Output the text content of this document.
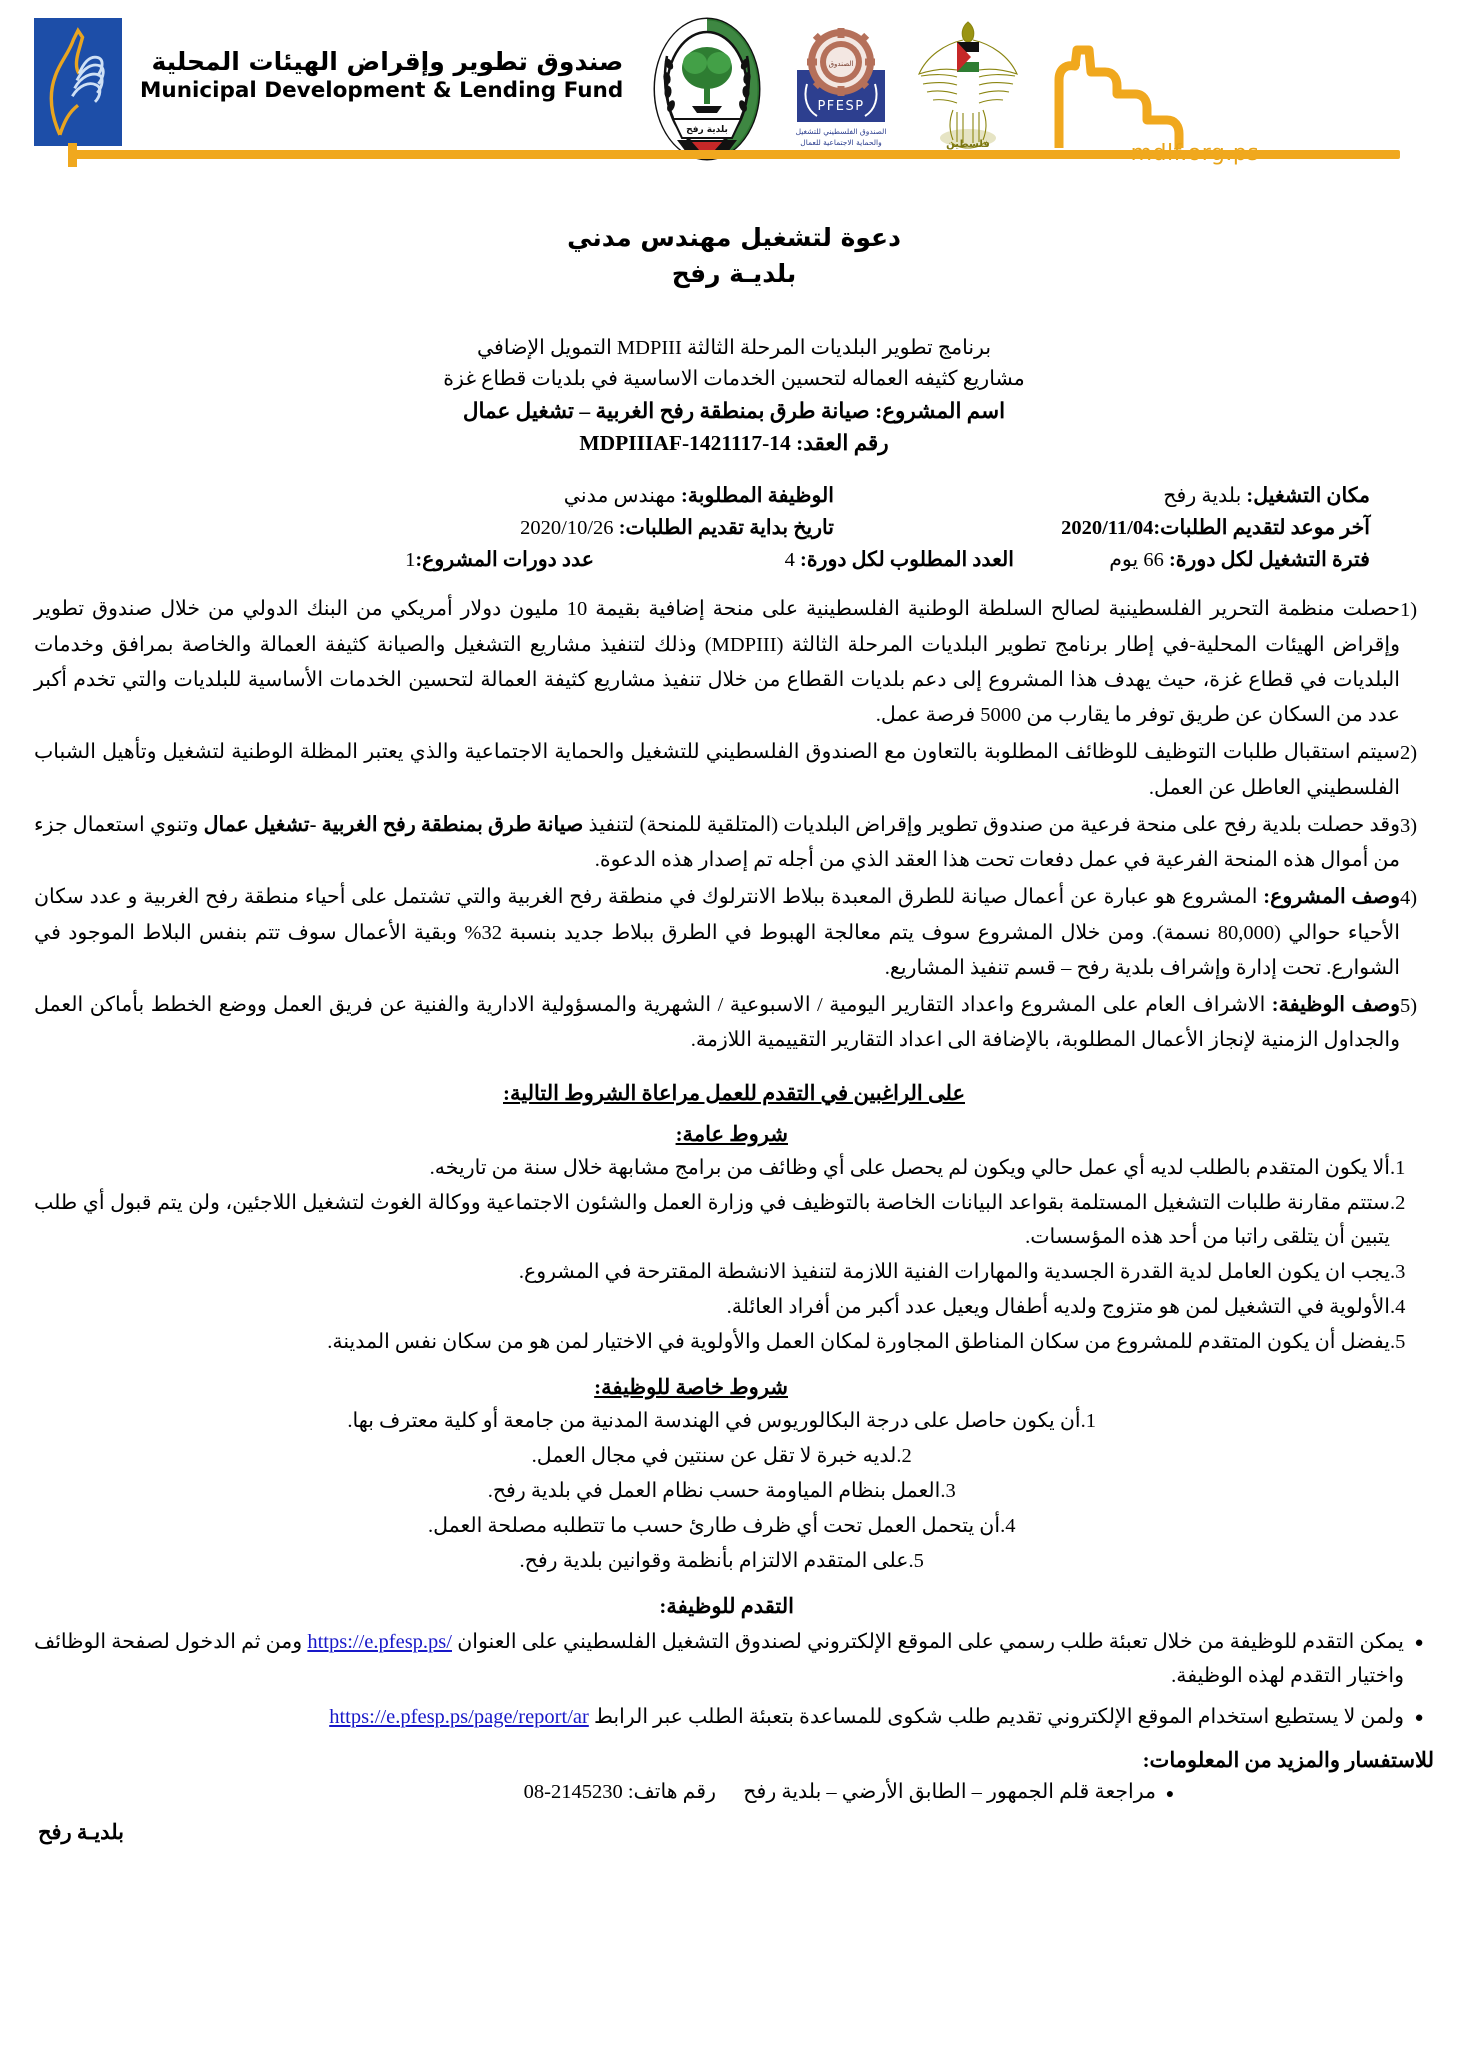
صندوق تطوير وإقراض الهيئات المحلية
Municipal Development & Lending Fund
بلدية رفح
الصندوق
PFESP
الصندوق الفلسطيني للتشغيل
والحماية الاجتماعية للعمال	فلسطين
دعوة لتشغيل مهندس مدني
بلديـة رفح
برنامج تطوير البلديات المرحلة الثالثة MDPIII التمويل الإضافي
مشاريع كثيفه العماله لتحسين الخدمات الاساسية في بلديات قطاع غزة
اسم المشروع: صيانة طرق بمنطقة رفح الغربية – تشغيل عمال
رقم العقد: MDPIIIAF-1421117-14
مكان التشغيل: بلدية رفح
الوظيفة المطلوبة: مهندس مدني
آخر موعد لتقديم الطلبات:2020/11/04
تاريخ بداية تقديم الطلبات: 2020/10/26
فترة التشغيل لكل دورة: 66 يوم
العدد المطلوب لكل دورة: 4
عدد دورات المشروع:1
1)
حصلت منظمة التحرير الفلسطينية لصالح السلطة الوطنية الفلسطينية على منحة إضافية بقيمة 10 مليون دولار أمريكي من البنك الدولي من خلال صندوق تطوير وإقراض الهيئات المحلية-في إطار برنامج تطوير البلديات المرحلة الثالثة (MDPIII) وذلك لتنفيذ مشاريع التشغيل والصيانة كثيفة العمالة والخاصة بمرافق وخدمات البلديات في قطاع غزة، حيث يهدف هذا المشروع إلى دعم بلديات القطاع من خلال تنفيذ مشاريع كثيفة العمالة لتحسين الخدمات الأساسية للبلديات والتي تخدم أكبر عدد من السكان عن طريق توفر ما يقارب من 5000 فرصة عمل.
2)
سيتم استقبال طلبات التوظيف للوظائف المطلوبة بالتعاون مع الصندوق الفلسطيني للتشغيل والحماية الاجتماعية والذي يعتبر المظلة الوطنية لتشغيل وتأهيل الشباب الفلسطيني العاطل عن العمل.
3)
وقد حصلت بلدية رفح على منحة فرعية من صندوق تطوير وإقراض البلديات (المتلقية للمنحة) لتنفيذ صيانة طرق بمنطقة رفح الغربية -تشغيل عمال وتنوي استعمال جزء من أموال هذه المنحة الفرعية في عمل دفعات تحت هذا العقد الذي من أجله تم إصدار هذه الدعوة.
4)
وصف المشروع: المشروع هو عبارة عن أعمال صيانة للطرق المعبدة ببلاط الانترلوك في منطقة رفح الغربية والتي تشتمل على أحياء منطقة رفح الغربية و عدد سكان الأحياء حوالي (80,000 نسمة). ومن خلال المشروع سوف يتم معالجة الهبوط في الطرق ببلاط جديد بنسبة 32% وبقية الأعمال سوف تتم بنفس البلاط الموجود في الشوارع. تحت إدارة وإشراف بلدية رفح – قسم تنفيذ المشاريع.
5)
وصف الوظيفة: الاشراف العام على المشروع واعداد التقارير اليومية / الاسبوعية / الشهرية والمسؤولية الادارية والفنية عن فريق العمل ووضع الخطط بأماكن العمل والجداول الزمنية لإنجاز الأعمال المطلوبة، بالإضافة الى اعداد التقارير التقييمية اللازمة.
على الراغبين في التقدم للعمل مراعاة الشروط التالية:
شروط عامة:
.1
ألا يكون المتقدم بالطلب لديه أي عمل حالي ويكون لم يحصل على أي وظائف من برامج مشابهة خلال سنة من تاريخه.
.2
ستتم مقارنة طلبات التشغيل المستلمة بقواعد البيانات الخاصة بالتوظيف في وزارة العمل والشئون الاجتماعية ووكالة الغوث لتشغيل اللاجئين، ولن يتم قبول أي طلب يتبين أن يتلقى راتبا من أحد هذه المؤسسات.
.3
يجب ان يكون العامل لدية القدرة الجسدية والمهارات الفنية اللازمة لتنفيذ الانشطة المقترحة في المشروع.
.4
الأولوية في التشغيل لمن هو متزوج ولديه أطفال ويعيل عدد أكبر من أفراد العائلة.
.5
يفضل أن يكون المتقدم للمشروع من سكان المناطق المجاورة لمكان العمل والأولوية في الاختيار لمن هو من سكان نفس المدينة.
شروط خاصة للوظيفة:
.1
أن يكون حاصل على درجة البكالوريوس في الهندسة المدنية من جامعة أو كلية معترف بها.
.2
لديه خبرة لا تقل عن سنتين في مجال العمل.
.3
العمل بنظام المياومة حسب نظام العمل في بلدية رفح.
.4
أن يتحمل العمل تحت أي ظرف طارئ حسب ما تتطلبه مصلحة العمل.
.5
على المتقدم الالتزام بأنظمة وقوانين بلدية رفح.
التقدم للوظيفة:
●
يمكن التقدم للوظيفة من خلال تعبئة طلب رسمي على الموقع الإلكتروني لصندوق التشغيل الفلسطيني على العنوان https://e.pfesp.ps/ ومن ثم الدخول لصفحة الوظائف واختيار التقدم لهذه الوظيفة.
●
ولمن لا يستطيع استخدام الموقع الإلكتروني تقديم طلب شكوى للمساعدة بتعبئة الطلب عبر الرابط https://e.pfesp.ps/page/report/ar
للاستفسار والمزيد من المعلومات:
●
مراجعة قلم الجمهور – الطابق الأرضي – بلدية رفح
رقم هاتف: 08-2145230
بلديـة رفح
